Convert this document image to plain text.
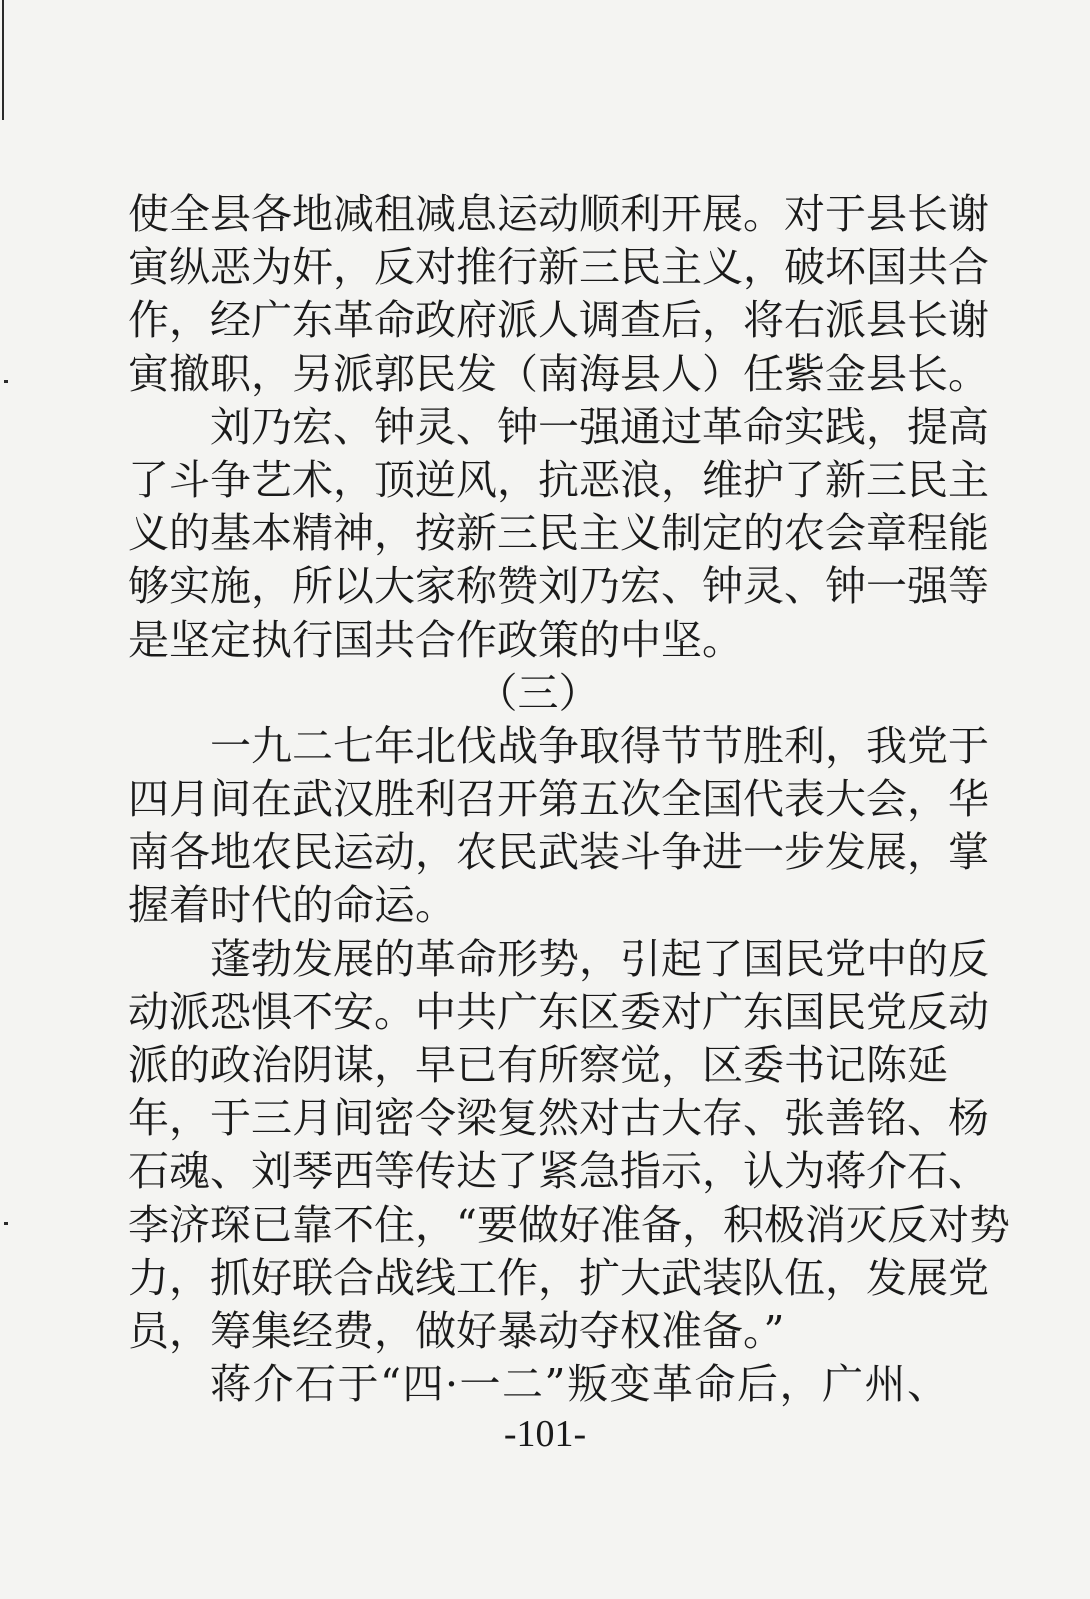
使全县各地减租减息运动顺利开展。对于县长谢
寅纵恶为奸，反对推行新三民主义，破坏国共合
作，经广东革命政府派人调查后，将右派县长谢
寅撤职，另派郭民发（南海县人）任紫金县长。
刘乃宏、钟灵、钟一强通过革命实践，提高
了斗争艺术，顶逆风，抗恶浪，维护了新三民主
义的基本精神，按新三民主义制定的农会章程能
够实施，所以大家称赞刘乃宏、钟灵、钟一强等
是坚定执行国共合作政策的中坚。
（三）
一九二七年北伐战争取得节节胜利，我党于
四月间在武汉胜利召开第五次全国代表大会，华
南各地农民运动，农民武装斗争进一步发展，掌
握着时代的命运。
蓬勃发展的革命形势，引起了国民党中的反
动派恐惧不安。中共广东区委对广东国民党反动
派的政治阴谋，早已有所察觉，区委书记陈延
年，于三月间密令梁复然对古大存、张善铭、杨
石魂、刘琴西等传达了紧急指示，认为蒋介石、
李济琛已靠不住，“要做好准备，积极消灭反对势
力，抓好联合战线工作，扩大武装队伍，发展党
员，筹集经费，做好暴动夺权准备。”
蒋介石于“四·一二”叛变革命后，广州、
-101-
